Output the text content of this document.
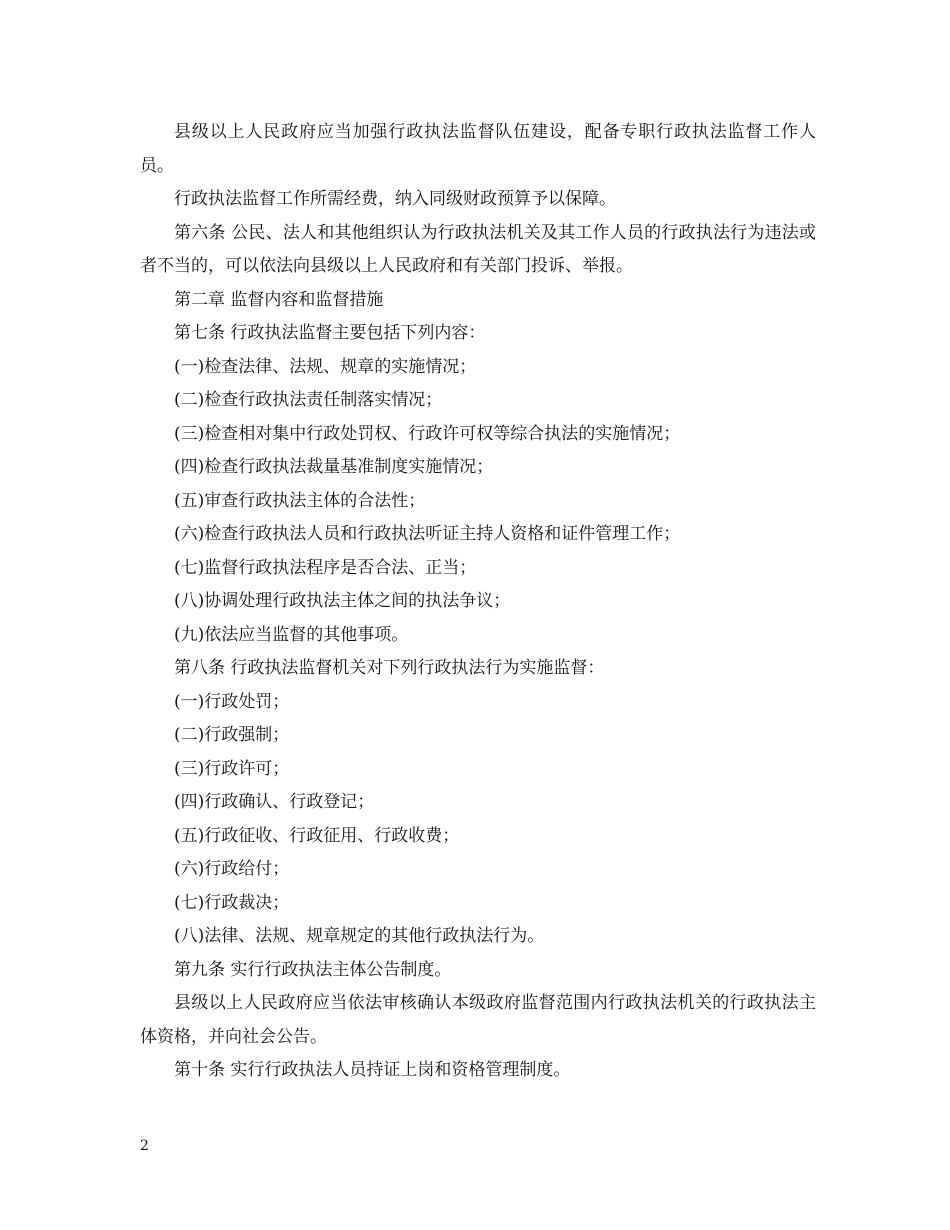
县级以上人民政府应当加强行政执法监督队伍建设，配备专职行政执法监督工作人员。

行政执法监督工作所需经费，纳入同级财政预算予以保障。

第六条 公民、法人和其他组织认为行政执法机关及其工作人员的行政执法行为违法或者不当的，可以依法向县级以上人民政府和有关部门投诉、举报。

第二章 监督内容和监督措施

第七条 行政执法监督主要包括下列内容：

(一)检查法律、法规、规章的实施情况；

(二)检查行政执法责任制落实情况；

(三)检查相对集中行政处罚权、行政许可权等综合执法的实施情况；

(四)检查行政执法裁量基准制度实施情况；

(五)审查行政执法主体的合法性；

(六)检查行政执法人员和行政执法听证主持人资格和证件管理工作；

(七)监督行政执法程序是否合法、正当；

(八)协调处理行政执法主体之间的执法争议；

(九)依法应当监督的其他事项。

第八条 行政执法监督机关对下列行政执法行为实施监督：

(一)行政处罚；

(二)行政强制；

(三)行政许可；

(四)行政确认、行政登记；

(五)行政征收、行政征用、行政收费；

(六)行政给付；

(七)行政裁决；

(八)法律、法规、规章规定的其他行政执法行为。

第九条 实行行政执法主体公告制度。

县级以上人民政府应当依法审核确认本级政府监督范围内行政执法机关的行政执法主体资格，并向社会公告。

第十条 实行行政执法人员持证上岗和资格管理制度。

2
